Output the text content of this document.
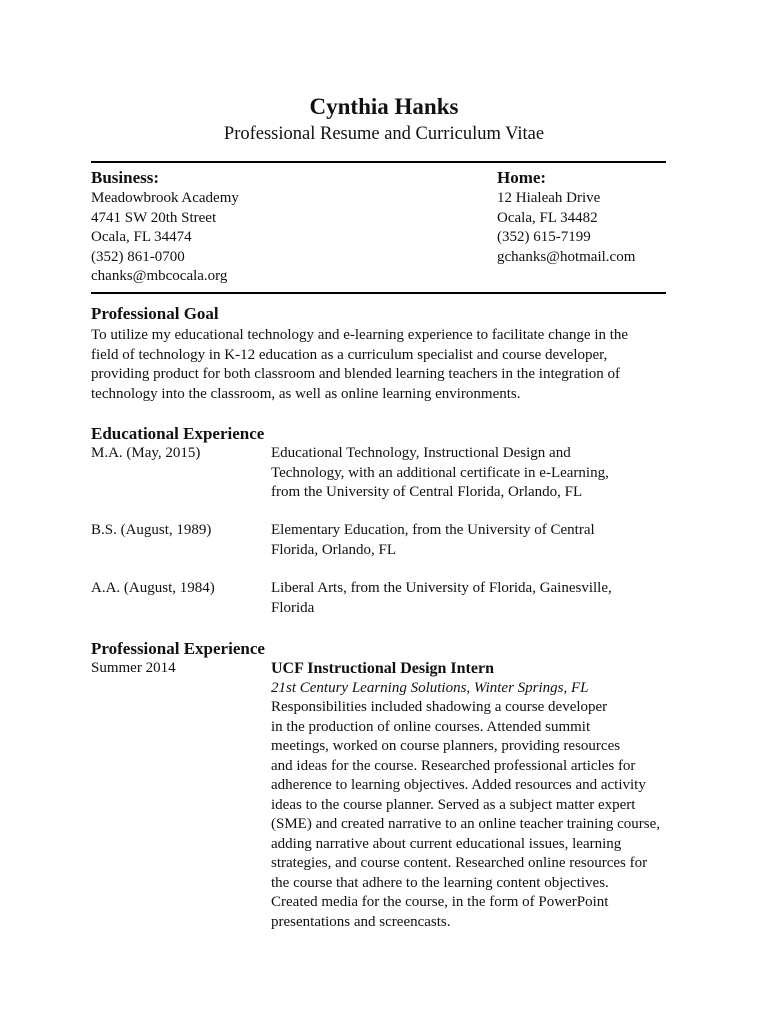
Cynthia Hanks
Professional Resume and Curriculum Vitae
Business:
Meadowbrook Academy
4741 SW 20th Street
Ocala, FL 34474
(352) 861-0700
chanks@mbcocala.org
Home:
12 Hialeah Drive
Ocala, FL 34482
(352) 615-7199
gchanks@hotmail.com
Professional Goal
To utilize my educational technology and e-learning experience to facilitate change in the
field of technology in K-12 education as a curriculum specialist and course developer,
providing product for both classroom and blended learning teachers in the integration of
technology into the classroom, as well as online learning environments.
Educational Experience
M.A. (May, 2015)	Educational Technology, Instructional Design and
Technology, with an additional certificate in e-Learning,
from the University of Central Florida, Orlando, FL
B.S. (August, 1989)	Elementary Education, from the University of Central
Florida, Orlando, FL
A.A. (August, 1984)	Liberal Arts, from the University of Florida, Gainesville,
Florida
Professional Experience
Summer 2014	UCF Instructional Design Intern
21st Century Learning Solutions, Winter Springs, FL
Responsibilities included shadowing a course developer
in the production of online courses. Attended summit
meetings, worked on course planners, providing resources
and ideas for the course. Researched professional articles for
adherence to learning objectives. Added resources and activity
ideas to the course planner. Served as a subject matter expert
(SME) and created narrative to an online teacher training course,
adding narrative about current educational issues, learning
strategies, and course content. Researched online resources for
the course that adhere to the learning content objectives.
Created media for the course, in the form of PowerPoint
presentations and screencasts.
